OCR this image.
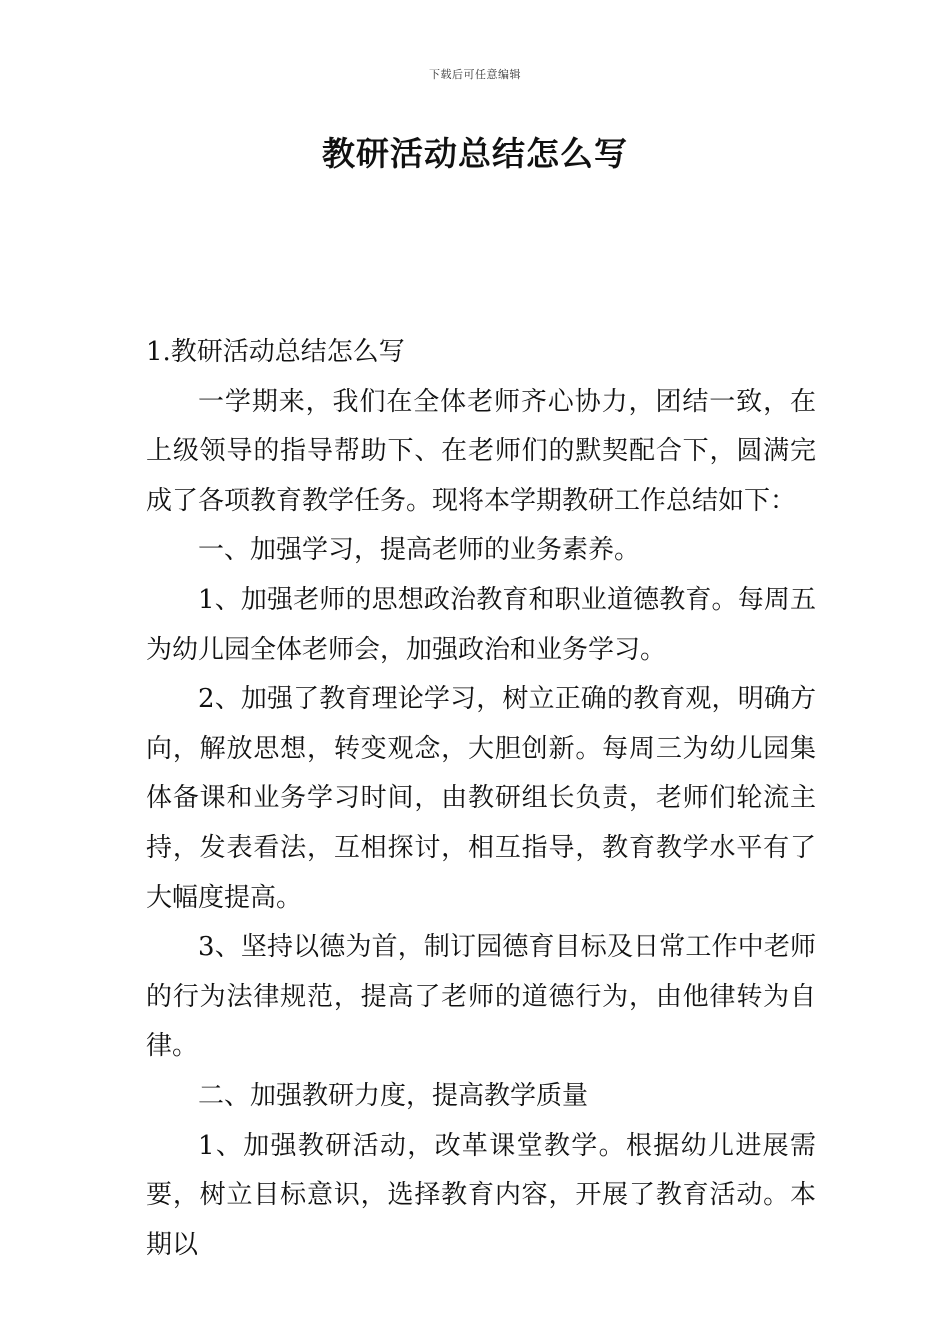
下载后可任意编辑
教研活动总结怎么写

1.教研活动总结怎么写

一学期来，我们在全体老师齐心协力，团结一致，在上级领导的指导帮助下、在老师们的默契配合下，圆满完成了各项教育教学任务。现将本学期教研工作总结如下：

一、加强学习，提高老师的业务素养。

1、加强老师的思想政治教育和职业道德教育。每周五为幼儿园全体老师会，加强政治和业务学习。

2、加强了教育理论学习，树立正确的教育观，明确方向，解放思想，转变观念，大胆创新。每周三为幼儿园集体备课和业务学习时间，由教研组长负责，老师们轮流主持，发表看法，互相探讨，相互指导，教育教学水平有了大幅度提高。

3、坚持以德为首，制订园德育目标及日常工作中老师的行为法律规范，提高了老师的道德行为，由他律转为自律。

二、加强教研力度，提高教学质量

1、加强教研活动，改革课堂教学。根据幼儿进展需要，树立目标意识，选择教育内容，开展了教育活动。本期以
